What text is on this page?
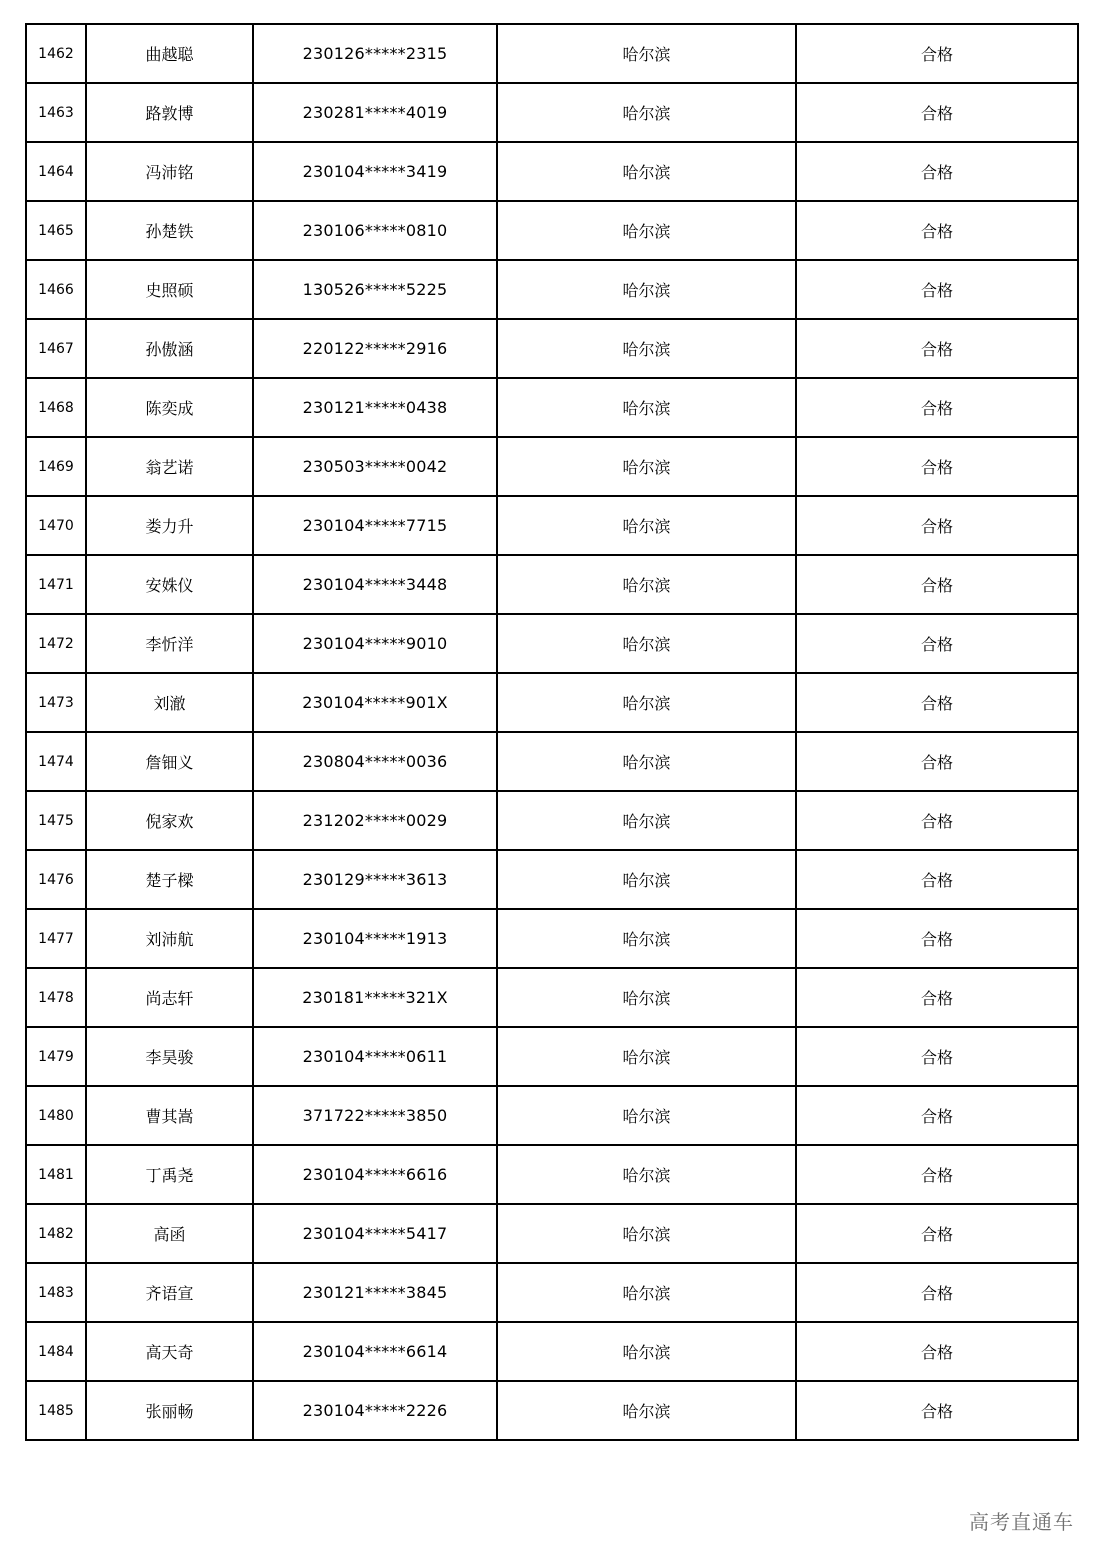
1462	曲越聪	230126*****2315	哈尔滨	合格
1463	路敦博	230281*****4019	哈尔滨	合格
1464	冯沛铭	230104*****3419	哈尔滨	合格
1465	孙楚铁	230106*****0810	哈尔滨	合格
1466	史照硕	130526*****5225	哈尔滨	合格
1467	孙傲涵	220122*****2916	哈尔滨	合格
1468	陈奕成	230121*****0438	哈尔滨	合格
1469	翁艺诺	230503*****0042	哈尔滨	合格
1470	娄力升	230104*****7715	哈尔滨	合格
1471	安姝仪	230104*****3448	哈尔滨	合格
1472	李忻洋	230104*****9010	哈尔滨	合格
1473	刘澈	230104*****901X	哈尔滨	合格
1474	詹钿义	230804*****0036	哈尔滨	合格
1475	倪家欢	231202*****0029	哈尔滨	合格
1476	楚子樑	230129*****3613	哈尔滨	合格
1477	刘沛航	230104*****1913	哈尔滨	合格
1478	尚志轩	230181*****321X	哈尔滨	合格
1479	李昊骏	230104*****0611	哈尔滨	合格
1480	曹其嵩	371722*****3850	哈尔滨	合格
1481	丁禹尧	230104*****6616	哈尔滨	合格
1482	高函	230104*****5417	哈尔滨	合格
1483	齐语宣	230121*****3845	哈尔滨	合格
1484	高天奇	230104*****6614	哈尔滨	合格
1485	张丽畅	230104*****2226	哈尔滨	合格
高考直通车
